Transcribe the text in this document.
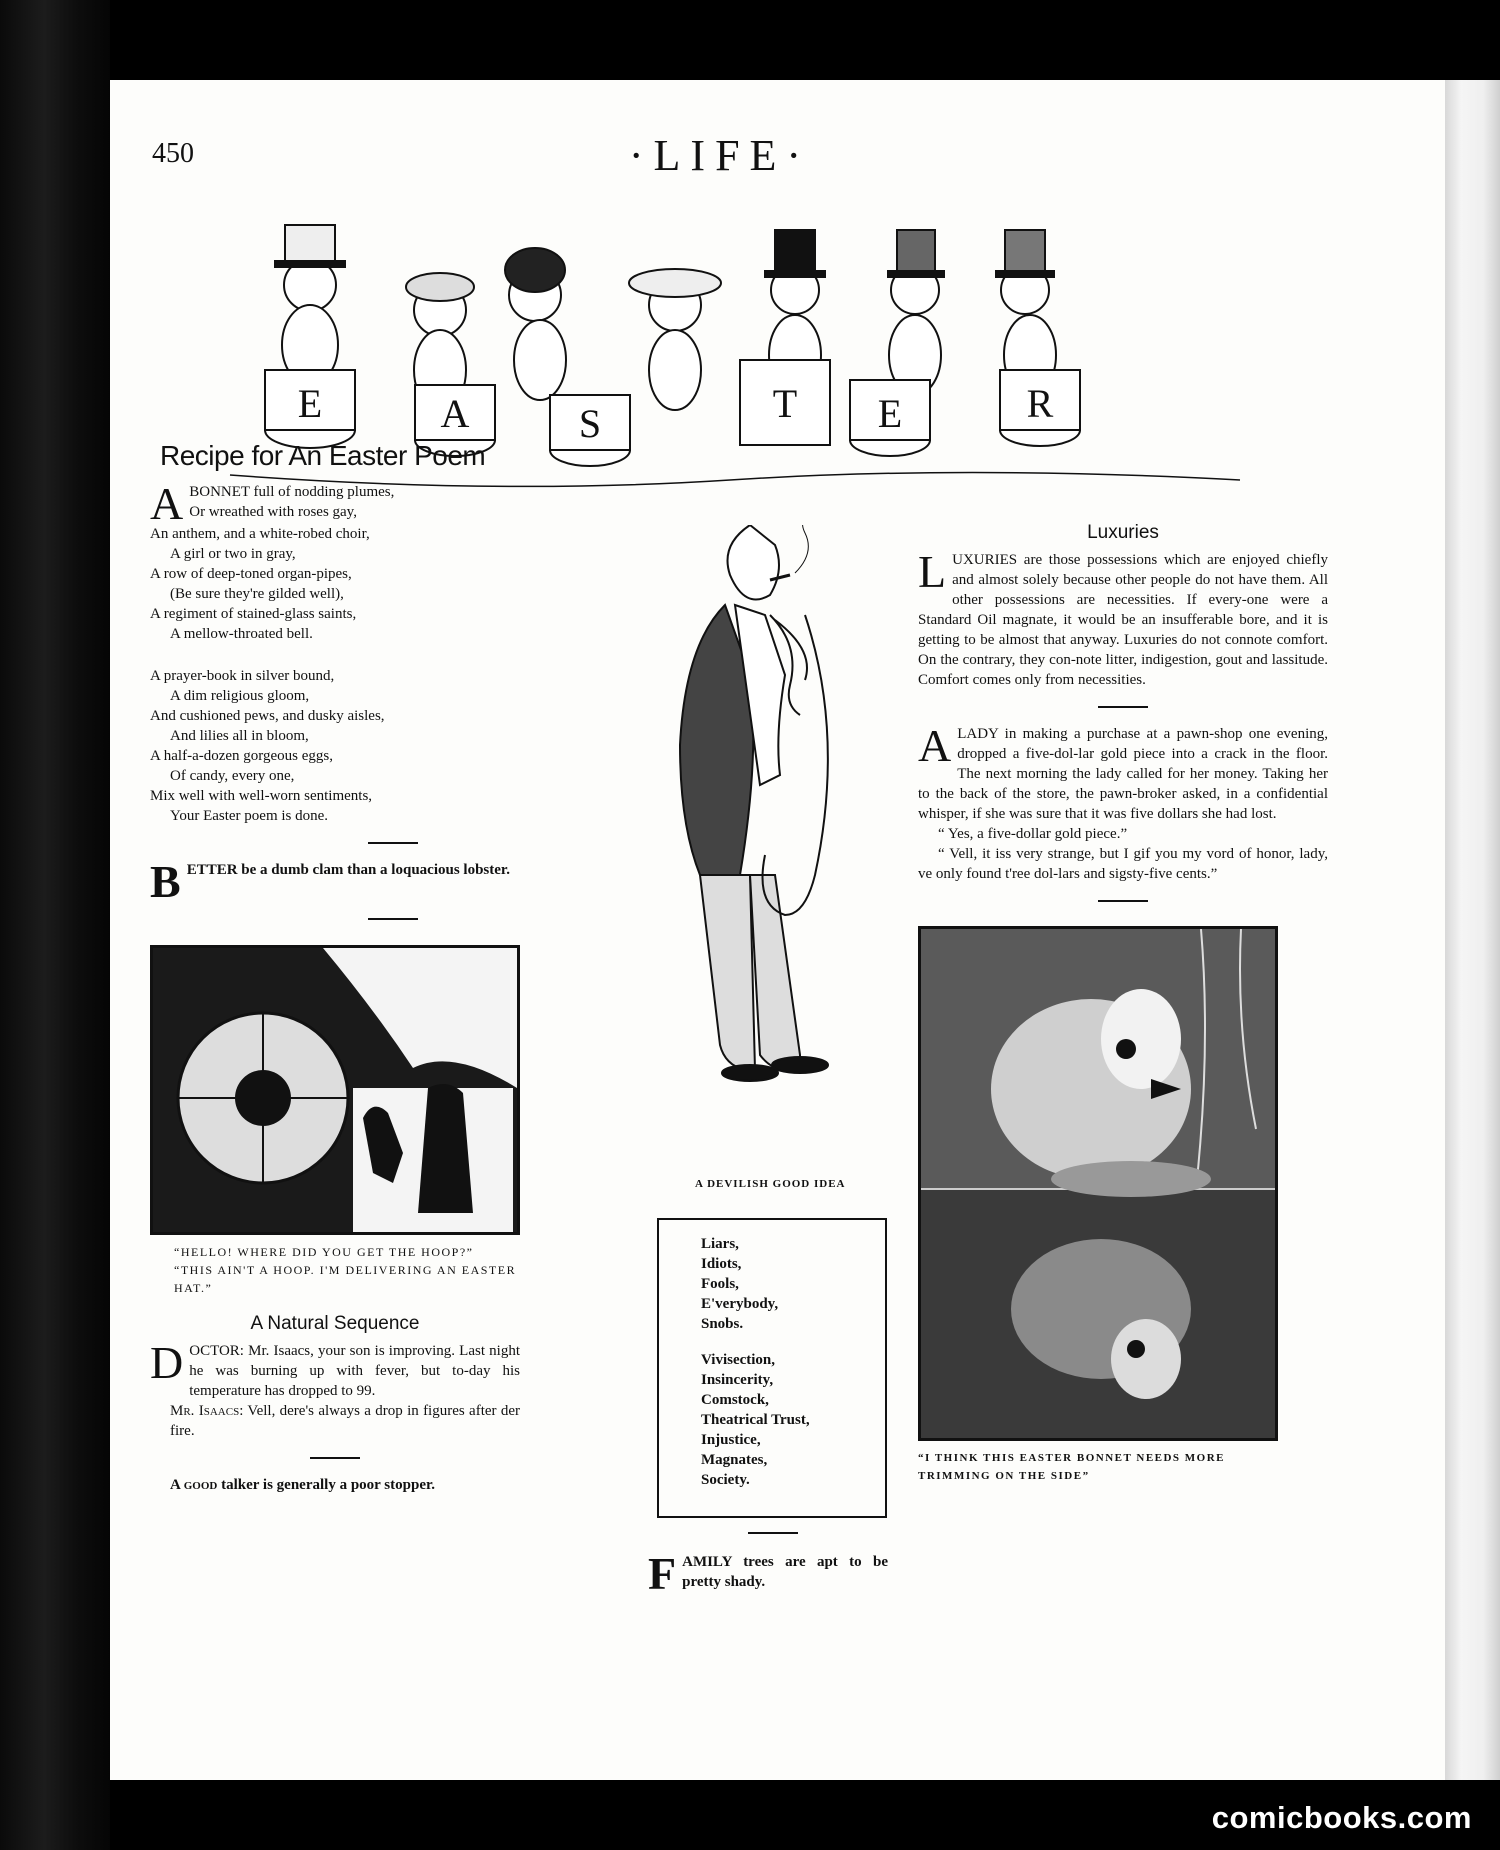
450	·LIFE·
E	A	S	T E	R
Recipe for An Easter Poem
A BONNET full of nodding plumes,
Or wreathed with roses gay,
An anthem, and a white-robed choir,
A girl or two in gray,
A row of deep-toned organ-pipes,
(Be sure they're gilded well),
A regiment of stained-glass saints,
A mellow-throated bell.
A prayer-book in silver bound,
A dim religious gloom,
And cushioned pews, and dusky aisles,
And lilies all in bloom,
A half-a-dozen gorgeous eggs,
Of candy, every one,
Mix well with well-worn sentiments,
Your Easter poem is done.
B ETTER be a dumb clam than a loquacious lobster.
“HELLO! WHERE DID YOU GET THE HOOP?”
“THIS AIN'T A HOOP. I'M DELIVERING AN EASTER HAT.”
A Natural Sequence
D OCTOR: Mr. Isaacs, your son is improving. Last night he was burning up with fever, but to-day his temperature has dropped to 99.
Mr. Isaacs: Vell, dere's always a drop in figures after der fire.
A good talker is generally a poor stopper.
A DEVILISH GOOD IDEA
Liars,
Idiots,
Fools,
E'verybody,
Snobs.
Vivisection,
Insincerity,
Comstock,
Theatrical Trust,
Injustice,
Magnates,
Society.
F AMILY trees are apt to be pretty shady.
Luxuries
L UXURIES are those possessions which are enjoyed chiefly and almost solely because other people do not have them. All other possessions are necessities. If every-one were a Standard Oil magnate, it would be an insufferable bore, and it is getting to be almost that anyway. Luxuries do not connote comfort. On the contrary, they con-note litter, indigestion, gout and lassitude. Comfort comes only from necessities.
A LADY in making a purchase at a pawn-shop one evening, dropped a five-dol-lar gold piece into a crack in the floor. The next morning the lady called for her money. Taking her to the back of the store, the pawn-broker asked, in a confidential whisper, if she was sure that it was five dollars she had lost.
“ Yes, a five-dollar gold piece.”
“ Vell, it iss very strange, but I gif you my vord of honor, lady, ve only found t'ree dol-lars and sigsty-five cents.”
“I THINK THIS EASTER BONNET NEEDS MORE TRIMMING ON THE SIDE”
comicbooks.com
